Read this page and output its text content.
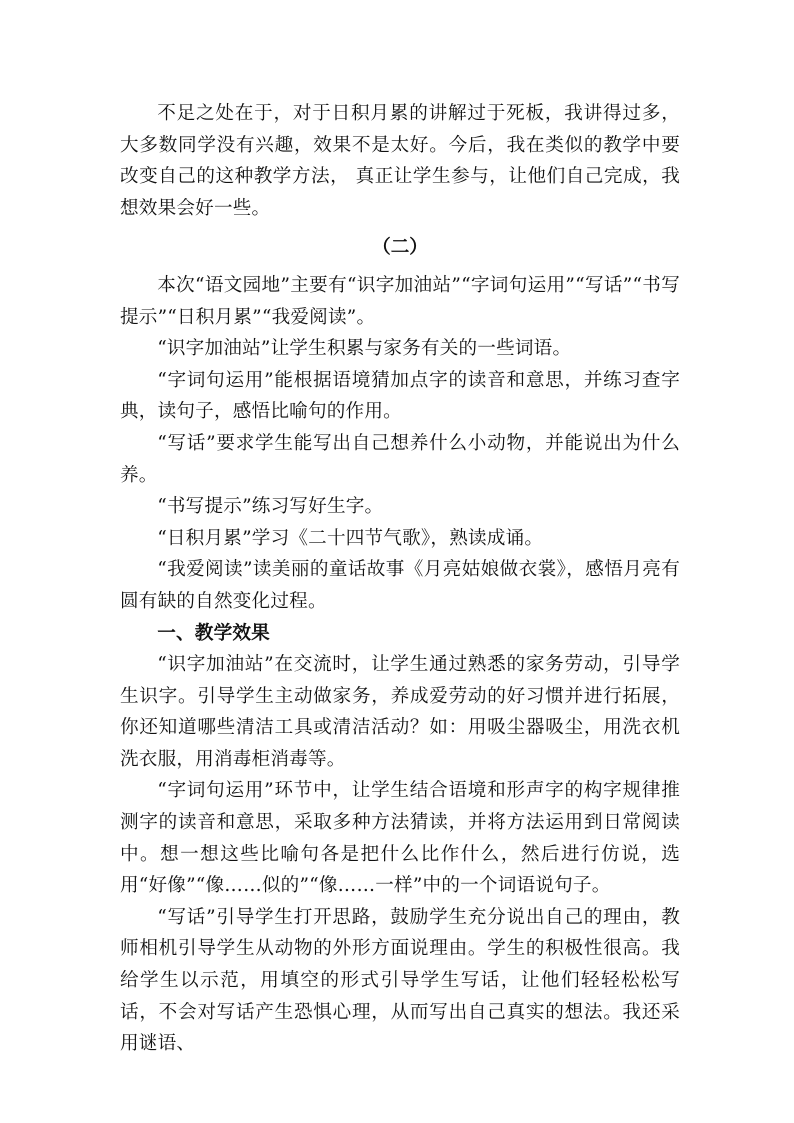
不足之处在于，对于日积月累的讲解过于死板，我讲得过多，大多数同学没有兴趣，效果不是太好。今后，我在类似的教学中要改变自己的这种教学方法， 真正让学生参与，让他们自己完成，我想效果会好一些。

（二）

本次“语文园地”主要有“识字加油站”“字词句运用”“写话”“书写提示”“日积月累”“我爱阅读”。

“识字加油站”让学生积累与家务有关的一些词语。

“字词句运用”能根据语境猜加点字的读音和意思，并练习查字典，读句子，感悟比喻句的作用。

“写话”要求学生能写出自己想养什么小动物，并能说出为什么养。

“书写提示”练习写好生字。

“日积月累”学习《二十四节气歌》，熟读成诵。

“我爱阅读”读美丽的童话故事《月亮姑娘做衣裳》，感悟月亮有圆有缺的自然变化过程。

一、教学效果

“识字加油站”在交流时，让学生通过熟悉的家务劳动，引导学生识字。引导学生主动做家务，养成爱劳动的好习惯并进行拓展，你还知道哪些清洁工具或清洁活动？如：用吸尘器吸尘，用洗衣机洗衣服，用消毒柜消毒等。

“字词句运用”环节中，让学生结合语境和形声字的构字规律推测字的读音和意思，采取多种方法猜读，并将方法运用到日常阅读中。想一想这些比喻句各是把什么比作什么，然后进行仿说，选用“好像”“像……似的”“像……一样”中的一个词语说句子。

“写话”引导学生打开思路，鼓励学生充分说出自己的理由，教师相机引导学生从动物的外形方面说理由。学生的积极性很高。我给学生以示范，用填空的形式引导学生写话，让他们轻轻松松写话，不会对写话产生恐惧心理，从而写出自己真实的想法。我还采用谜语、
